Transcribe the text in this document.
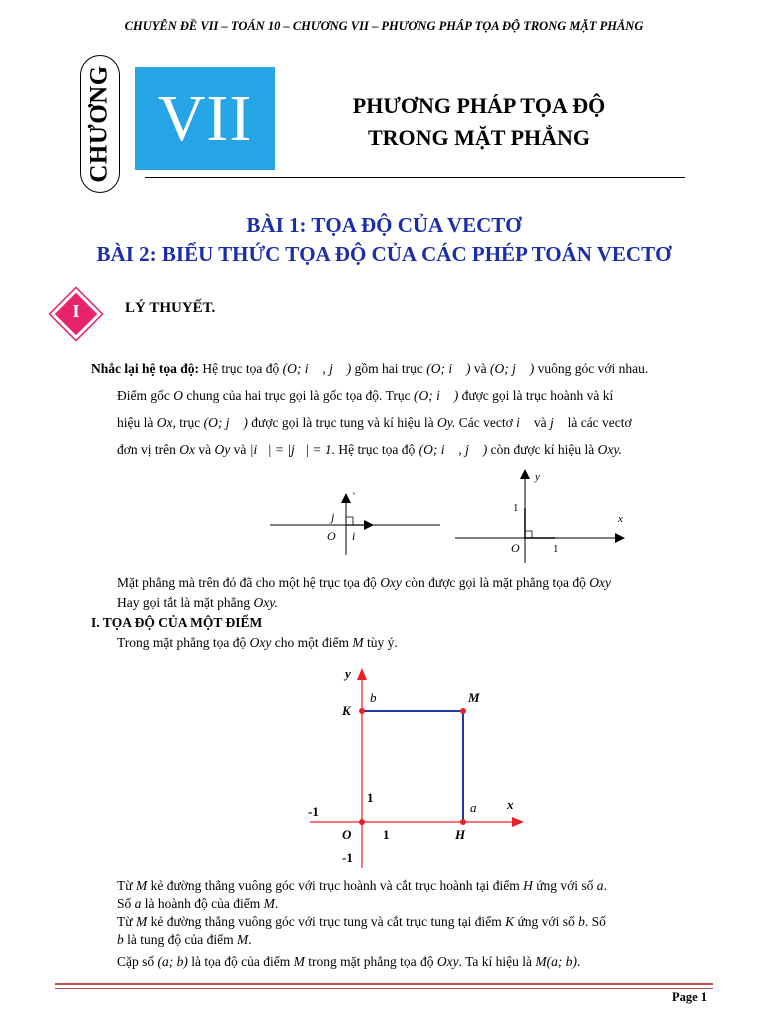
CHUYÊN ĐỀ VII – TOÁN 10 – CHƯƠNG VII – PHƯƠNG PHÁP TỌA ĐỘ TRONG MẶT PHẲNG
CHƯƠNG VII	PHƯƠNG PHÁP TỌA ĐỘ
TRONG MẶT PHẲNG
BÀI 1: TỌA ĐỘ CỦA VECTƠ
BÀI 2: BIỂU THỨC TỌA ĐỘ CỦA CÁC PHÉP TOÁN VECTƠ
I	LÝ THUYẾT.
Nhắc lại hệ tọa độ: Hệ trục tọa độ (O; i⃗ , j⃗ ) gồm hai trục (O; i⃗ ) và (O; j⃗ ) vuông góc với nhau.
Điểm gốc O chung của hai trục gọi là gốc tọa độ. Trục (O; i⃗ ) được gọi là trục hoành và kí
hiệu là Ox, trục (O; j⃗ ) được gọi là trục tung và kí hiệu là Oy. Các vectơ i⃗ và j⃗ là các vectơ
đơn vị trên Ox và Oy và |i⃗| = |j⃗| = 1. Hệ trục tọa độ (O; i⃗ , j⃗ ) còn được kí hiệu là Oxy.
j⃗
i⃗
O
`
y
x
O	1
1
Mặt phẳng mà trên đó đã cho một hệ trục tọa độ Oxy còn được gọi là mặt phẳng tọa độ Oxy
Hay gọi tắt là mặt phẳng Oxy.
I. TỌA ĐỘ CỦA MỘT ĐIỂM
Trong mặt phẳng tọa độ Oxy cho một điểm M tùy ý.
y
x
b	M
K
a
H
O 1
1
-1
-1
Từ M kẻ đường thẳng vuông góc với trục hoành và cắt trục hoành tại điểm H ứng với số a.
Số a là hoành độ của điểm M.
Từ M kẻ đường thẳng vuông góc với trục tung và cắt trục tung tại điểm K ứng với số b. Số
b là tung độ của điểm M.
Cặp số (a; b) là tọa độ của điểm M trong mặt phẳng tọa độ Oxy. Ta kí hiệu là M(a; b).
Page 1
